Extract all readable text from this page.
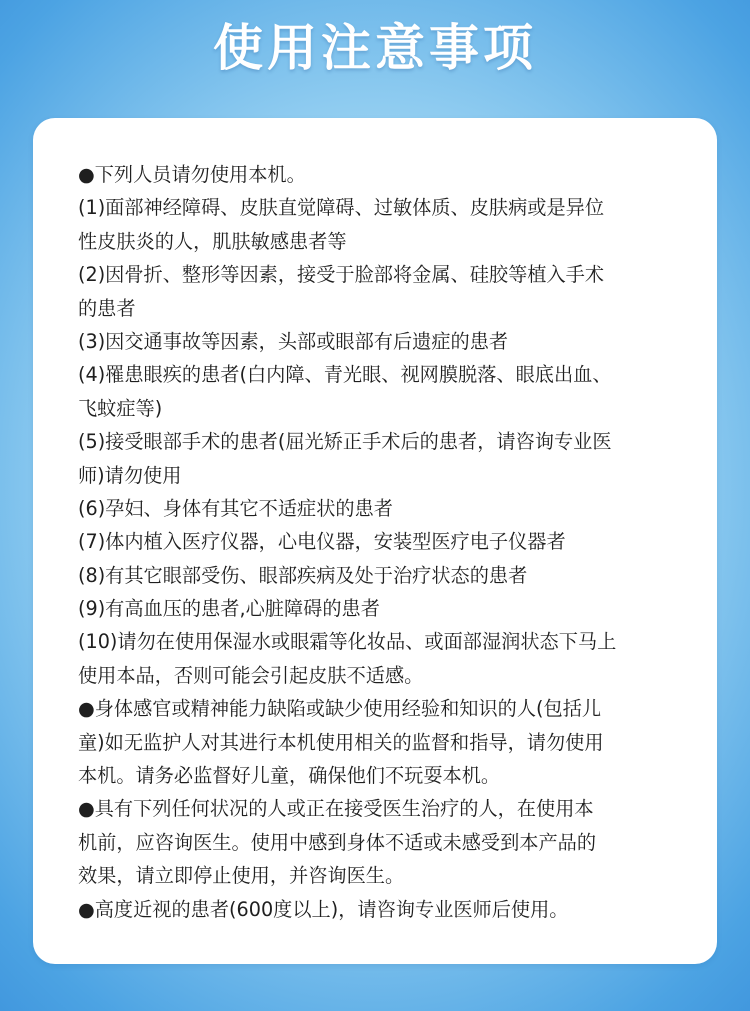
使用注意事项
●下列人员请勿使用本机。
(1)面部神经障碍、皮肤直觉障碍、过敏体质、皮肤病或是异位
性皮肤炎的人，肌肤敏感患者等
(2)因骨折、整形等因素，接受于脸部将金属、硅胶等植入手术
的患者
(3)因交通事故等因素，头部或眼部有后遗症的患者
(4)罹患眼疾的患者(白内障、青光眼、视网膜脱落、眼底出血、
飞蚊症等)
(5)接受眼部手术的患者(屈光矫正手术后的患者，请咨询专业医
师)请勿使用
(6)孕妇、身体有其它不适症状的患者
(7)体内植入医疗仪器，心电仪器，安装型医疗电子仪器者
(8)有其它眼部受伤、眼部疾病及处于治疗状态的患者
(9)有高血压的患者,心脏障碍的患者
(10)请勿在使用保湿水或眼霜等化妆品、或面部湿润状态下马上
使用本品，否则可能会引起皮肤不适感。
●身体感官或精神能力缺陷或缺少使用经验和知识的人(包括儿
童)如无监护人对其进行本机使用相关的监督和指导，请勿使用
本机。请务必监督好儿童，确保他们不玩耍本机。
●具有下列任何状况的人或正在接受医生治疗的人，在使用本
机前，应咨询医生。使用中感到身体不适或未感受到本产品的
效果，请立即停止使用，并咨询医生。
●高度近视的患者(600度以上)，请咨询专业医师后使用。
